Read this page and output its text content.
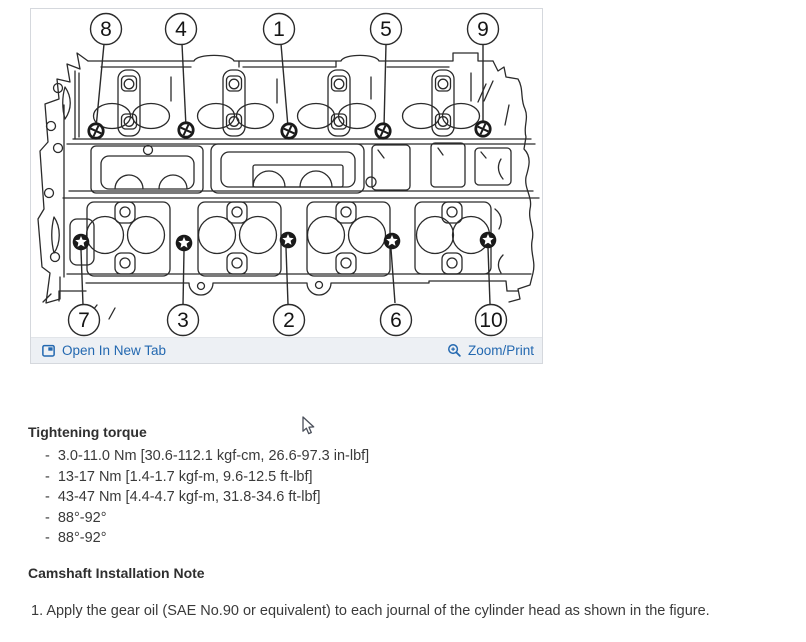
8	4	1	5	9
7	3	2	6	10
Open In New Tab	Zoom/Print
Tightening torque
- 3.0-11.0 Nm [30.6-112.1 kgf-cm, 26.6-97.3 in-lbf]
- 13-17 Nm [1.4-1.7 kgf-m, 9.6-12.5 ft-lbf]
- 43-47 Nm [4.4-4.7 kgf-m, 31.8-34.6 ft-lbf]
- 88°-92°
- 88°-92°
Camshaft Installation Note
1. Apply the gear oil (SAE No.90 or equivalent) to each journal of the cylinder head as shown in the figure.
